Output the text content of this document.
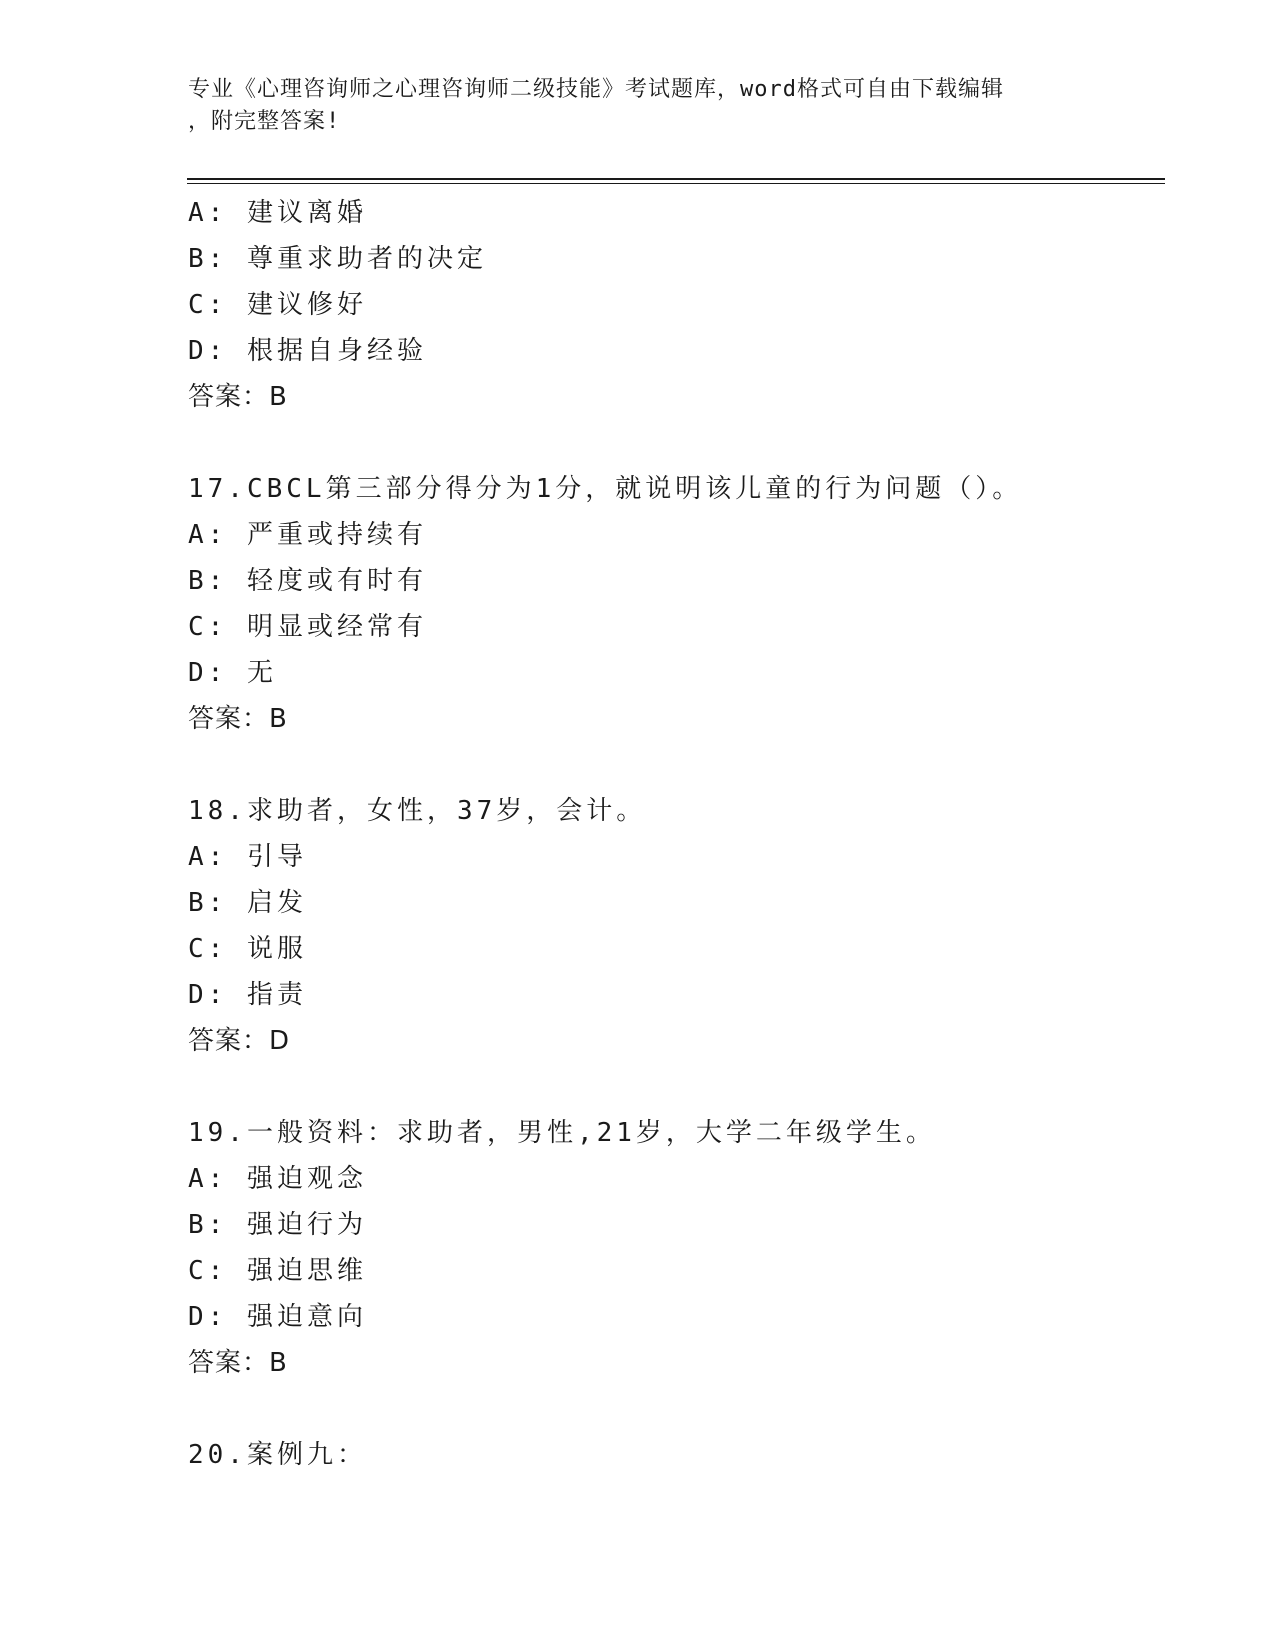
专业《心理咨询师之心理咨询师二级技能》考试题库，word格式可自由下载编辑
，附完整答案!
A: 建议离婚
B: 尊重求助者的决定
C: 建议修好
D: 根据自身经验
答案：B
17.CBCL第三部分得分为1分，就说明该儿童的行为问题（）。
A: 严重或持续有
B: 轻度或有时有
C: 明显或经常有
D: 无
答案：B
18.求助者，女性，37岁，会计。
A: 引导
B: 启发
C: 说服
D: 指责
答案：D
19.一般资料：求助者，男性,21岁，大学二年级学生。
A: 强迫观念
B: 强迫行为
C: 强迫思维
D: 强迫意向
答案：B
20.案例九：
